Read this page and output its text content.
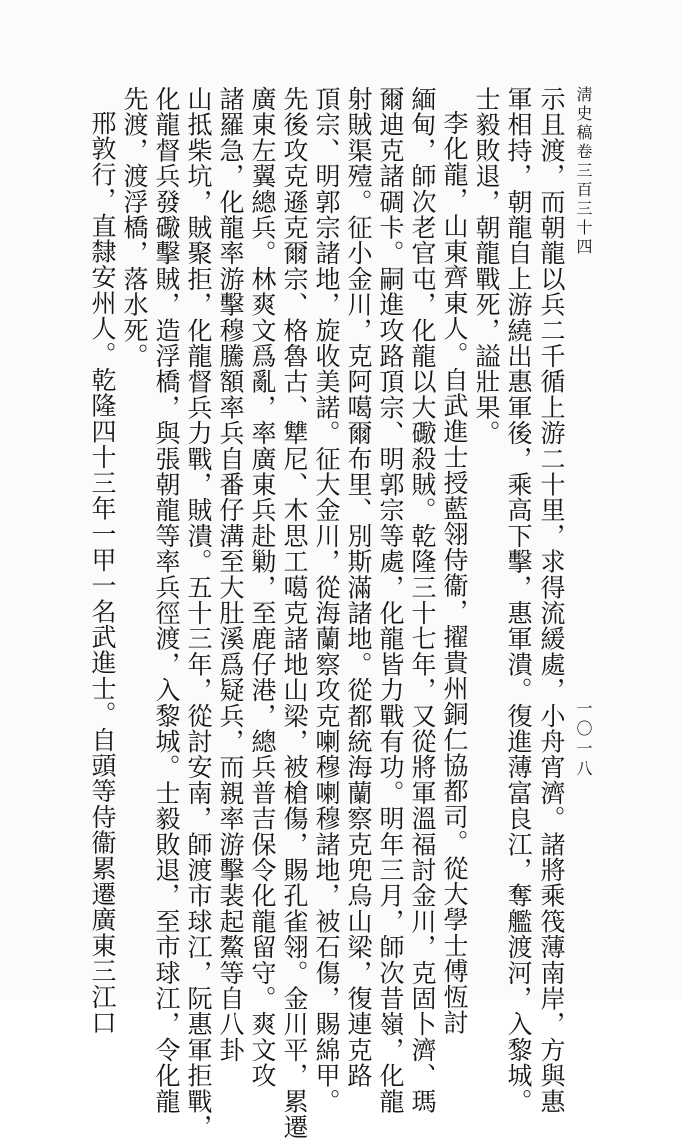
淸史稿卷三百三十四
一〇一八
示且渡，而朝龍以兵二千循上游二十里，求得流緩處，小舟宵濟。諸將乘筏薄南岸，方與惠
軍相持，朝龍自上游繞出惠軍後，乘高下擊，惠軍潰。復進薄富良江，奪艦渡河，入黎城。
士毅敗退，朝龍戰死，謚壯果。
李化龍，山東齊東人。自武進士授藍翎侍衞，擢貴州銅仁協都司。從大學士傅恆討
緬甸，師次老官屯，化龍以大礮殺賊。乾隆三十七年，又從將軍溫福討金川，克固卜濟、瑪
爾迪克諸碉卡。嗣進攻路頂宗、明郭宗等處，化龍皆力戰有功。明年三月，師次昔嶺，化龍
射賊渠殪。征小金川，克阿噶爾布里、別斯滿諸地。從都統海蘭察克兜烏山梁，復連克路
頂宗、明郭宗諸地，旋收美諾。征大金川，從海蘭察攻克喇穆喇穆諸地，被石傷，賜綿甲。
先後攻克遜克爾宗、格魯古、犨尼、木思工噶克諸地山梁，被槍傷，賜孔雀翎。金川平，累遷
廣東左翼總兵。林爽文爲亂，率廣東兵赴勦，至鹿仔港，總兵普吉保令化龍留守。爽文攻
諸羅急，化龍率游擊穆騰額率兵自番仔溝至大肚溪爲疑兵，而親率游擊裴起鰲等自八卦
山抵柴坑，賊聚拒，化龍督兵力戰，賊潰。五十三年，從討安南，師渡市球江，阮惠軍拒戰，
化龍督兵發礮擊賊，造浮橋，與張朝龍等率兵徑渡，入黎城。士毅敗退，至市球江，令化龍
先渡，渡浮橋，落水死。
邢敦行，直隸安州人。乾隆四十三年一甲一名武進士。自頭等侍衞累遷廣東三江口
